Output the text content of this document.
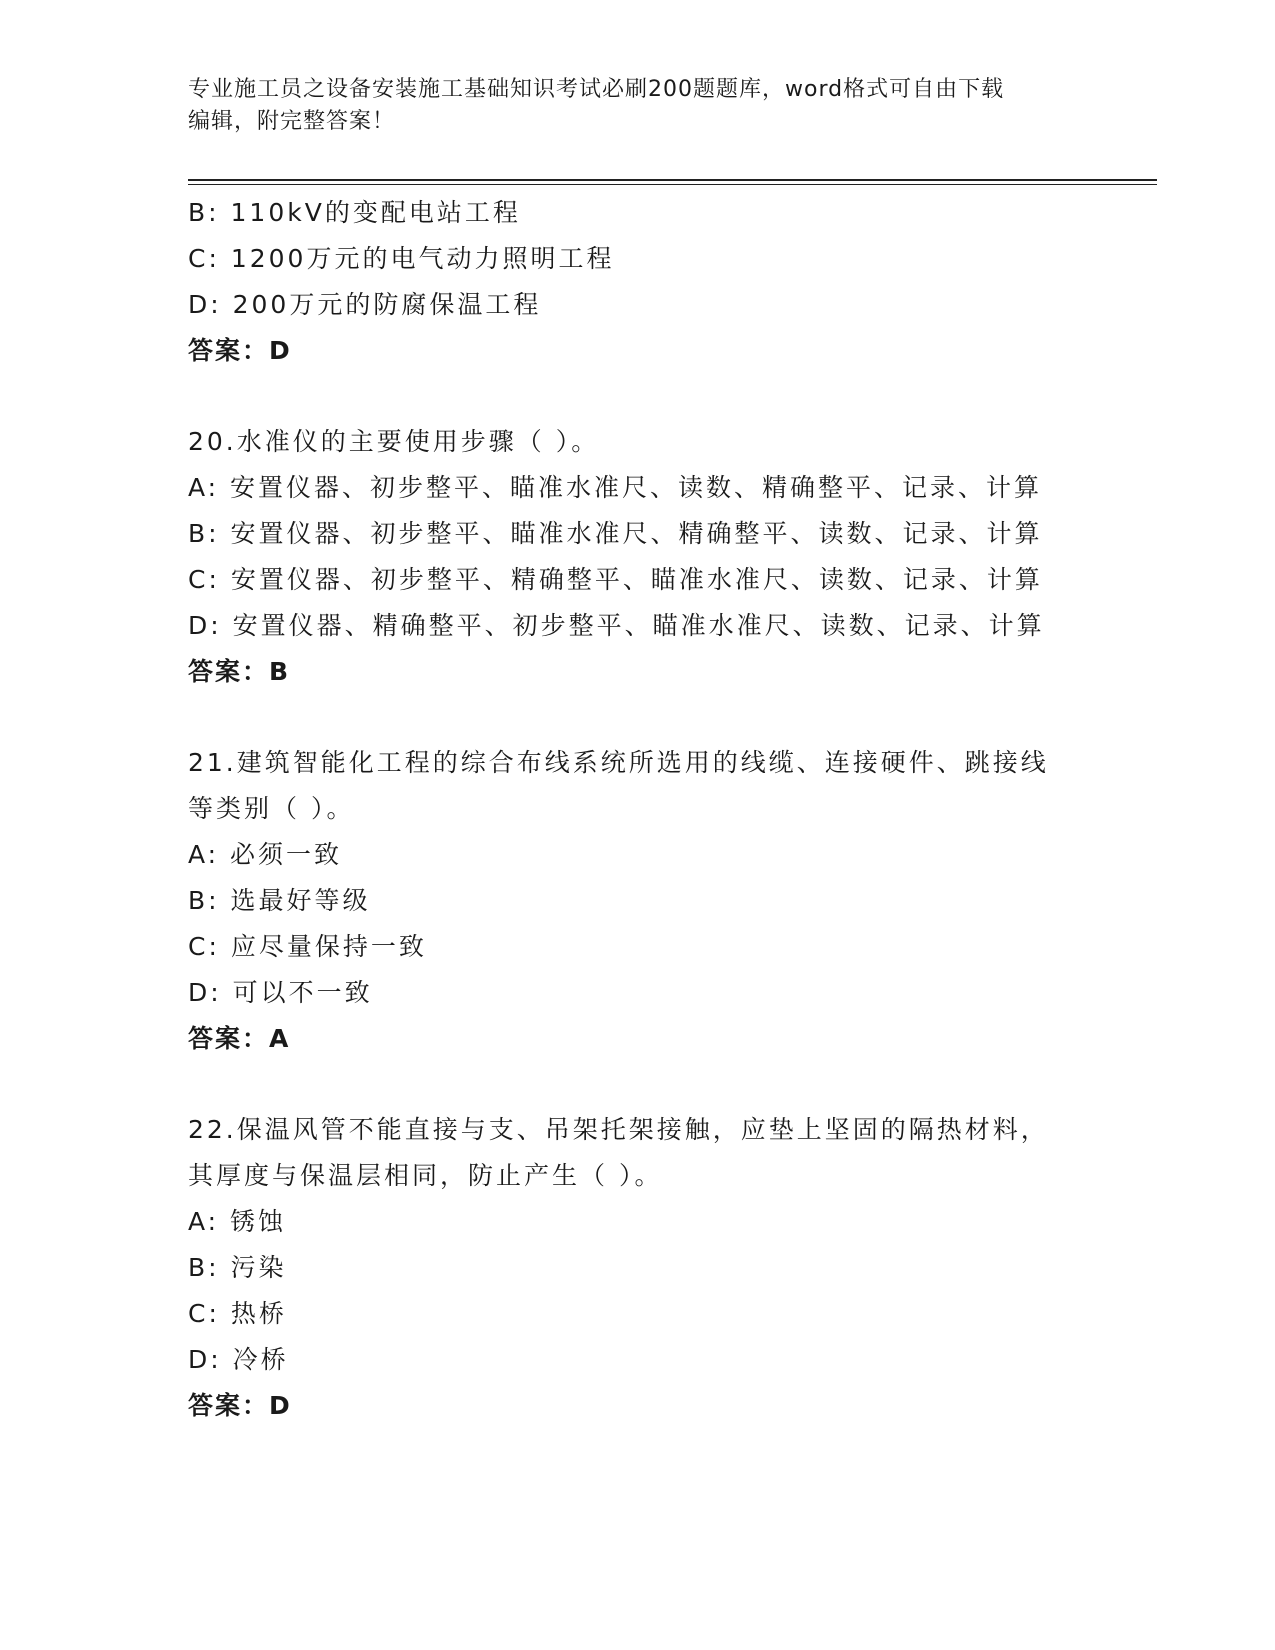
专业施工员之设备安装施工基础知识考试必刷200题题库，word格式可自由下载
编辑，附完整答案！
B: 110kV的变配电站工程
C: 1200万元的电气动力照明工程
D: 200万元的防腐保温工程
答案：D
20.水准仪的主要使用步骤（ ）。
A: 安置仪器、初步整平、瞄准水准尺、读数、精确整平、记录、计算
B: 安置仪器、初步整平、瞄准水准尺、精确整平、读数、记录、计算
C: 安置仪器、初步整平、精确整平、瞄准水准尺、读数、记录、计算
D: 安置仪器、精确整平、初步整平、瞄准水准尺、读数、记录、计算
答案：B
21.建筑智能化工程的综合布线系统所选用的线缆、连接硬件、跳接线
等类别（ ）。
A: 必须一致
B: 选最好等级
C: 应尽量保持一致
D: 可以不一致
答案：A
22.保温风管不能直接与支、吊架托架接触，应垫上坚固的隔热材料，
其厚度与保温层相同，防止产生（ ）。
A: 锈蚀
B: 污染
C: 热桥
D: 冷桥
答案：D
